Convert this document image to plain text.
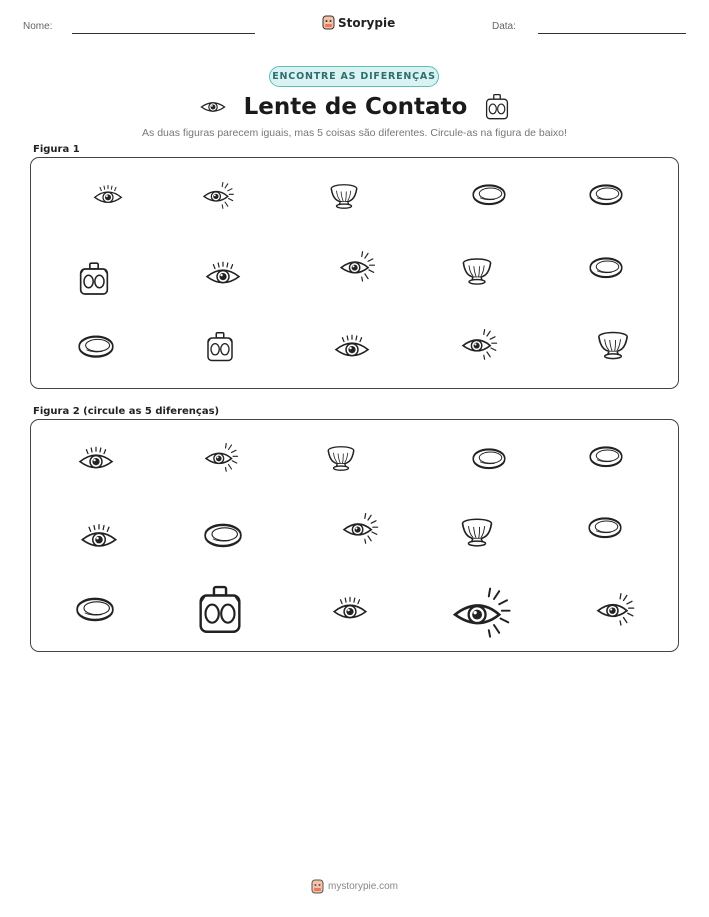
Nome:	Storypie	Data:
ENCONTRE AS DIFERENÇAS
Lente de Contato
As duas figuras parecem iguais, mas 5 coisas são diferentes. Circule-as na figura de baixo!
Figura 1
Figura 2 (circule as 5 diferenças)
mystorypie.com
